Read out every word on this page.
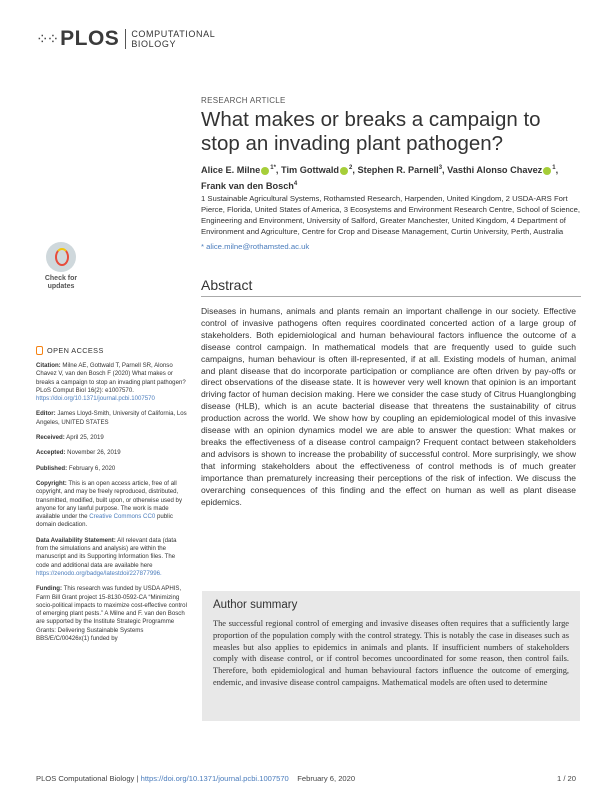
⁘⁘ PLOS COMPUTATIONAL
BIOLOGY
RESEARCH ARTICLE
What makes or breaks a campaign to stop an invading plant pathogen?
Alice E. Milne $^{1*}$, Tim Gottwald $^2$, Stephen R. Parnell$^3$, Vasthi Alonso Chavez $^1$,
Frank van den Bosch$^4$
1 Sustainable Agricultural Systems, Rothamsted Research, Harpenden, United Kingdom, 2 USDA-ARS Fort Pierce, Florida, United States of America, 3 Ecosystems and Environment Research Centre, School of Science, Engineering and Environment, University of Salford, Greater Manchester, United Kingdom, 4 Department of Environment and Agriculture, Centre for Crop and Disease Management, Curtin University, Perth, Australia
* alice.milne@rothamsted.ac.uk
Check for
updates	Abstract
Diseases in humans, animals and plants remain an important challenge in our society. Effective control of invasive pathogens often requires coordinated concerted action of a large group of stakeholders. Both epidemiological and human behavioural factors influence the outcome of a disease control campaign. In mathematical models that are frequently used to guide such campaigns, human behaviour is often ill-represented, if at all. Existing models of human, animal and plant disease that do incorporate participation or compliance are often driven by pay-offs or direct observations of the disease state. It is however very well known that opinion is an important driving factor of human decision making. Here we consider the case study of Citrus Huanglongbing disease (HLB), which is an acute bacterial disease that threatens the sustainability of citrus production across the world. We show how by coupling an epidemiological model of this invasive disease with an opinion dynamics model we are able to answer the question: What makes or breaks the effectiveness of a disease control campaign? Frequent contact between stakeholders and advisors is shown to increase the probability of successful control. More surprisingly, we show that informing stakeholders about the effectiveness of control methods is of much greater importance than prematurely increasing their perceptions of the risk of infection. We discuss the overarching consequences of this finding and the effect on human as well as plant disease epidemics.
Author summary
The successful regional control of emerging and invasive diseases often requires that a sufficiently large proportion of the population comply with the control strategy. This is notably the case in diseases such as measles but also applies to epidemics in animals and plants. If insufficient numbers of stakeholders comply with disease control, or if control becomes uncoordinated for some reason, then control fails. Therefore, both epidemiological and human behavioural factors influence the outcome of emerging, endemic, and invasive disease control campaigns. Mathematical models are often used to determine
OPEN ACCESS

Citation: Milne AE, Gottwald T, Parnell SR, Alonso Chavez V, van den Bosch F (2020) What makes or breaks a campaign to stop an invading plant pathogen? PLoS Comput Biol 16(2): e1007570. https://doi.org/10.1371/journal.pcbi.1007570

Editor: James Lloyd-Smith, University of California, Los Angeles, UNITED STATES

Received: April 25, 2019

Accepted: November 26, 2019

Published: February 6, 2020

Copyright: This is an open access article, free of all copyright, and may be freely reproduced, distributed, transmitted, modified, built upon, or otherwise used by anyone for any lawful purpose. The work is made available under the Creative Commons CC0 public domain dedication.

Data Availability Statement: All relevant data (data from the simulations and analysis) are within the manuscript and its Supporting Information files. The code and additional data are available here https://zenodo.org/badge/latestdoi/227877996.

Funding: This research was funded by USDA APHIS, Farm Bill Grant project 15-8130-0592-CA “Minimizing socio-political impacts to maximize cost-effective control of emerging plant pests.” A Milne and F. van den Bosch are supported by the Institute Strategic Programme Grants: Delivering Sustainable Systems BBS/E/C/00426x(1) funded by

PLOS Computational Biology | https://doi.org/10.1371/journal.pcbi.1007570 February 6, 2020	1 / 20
